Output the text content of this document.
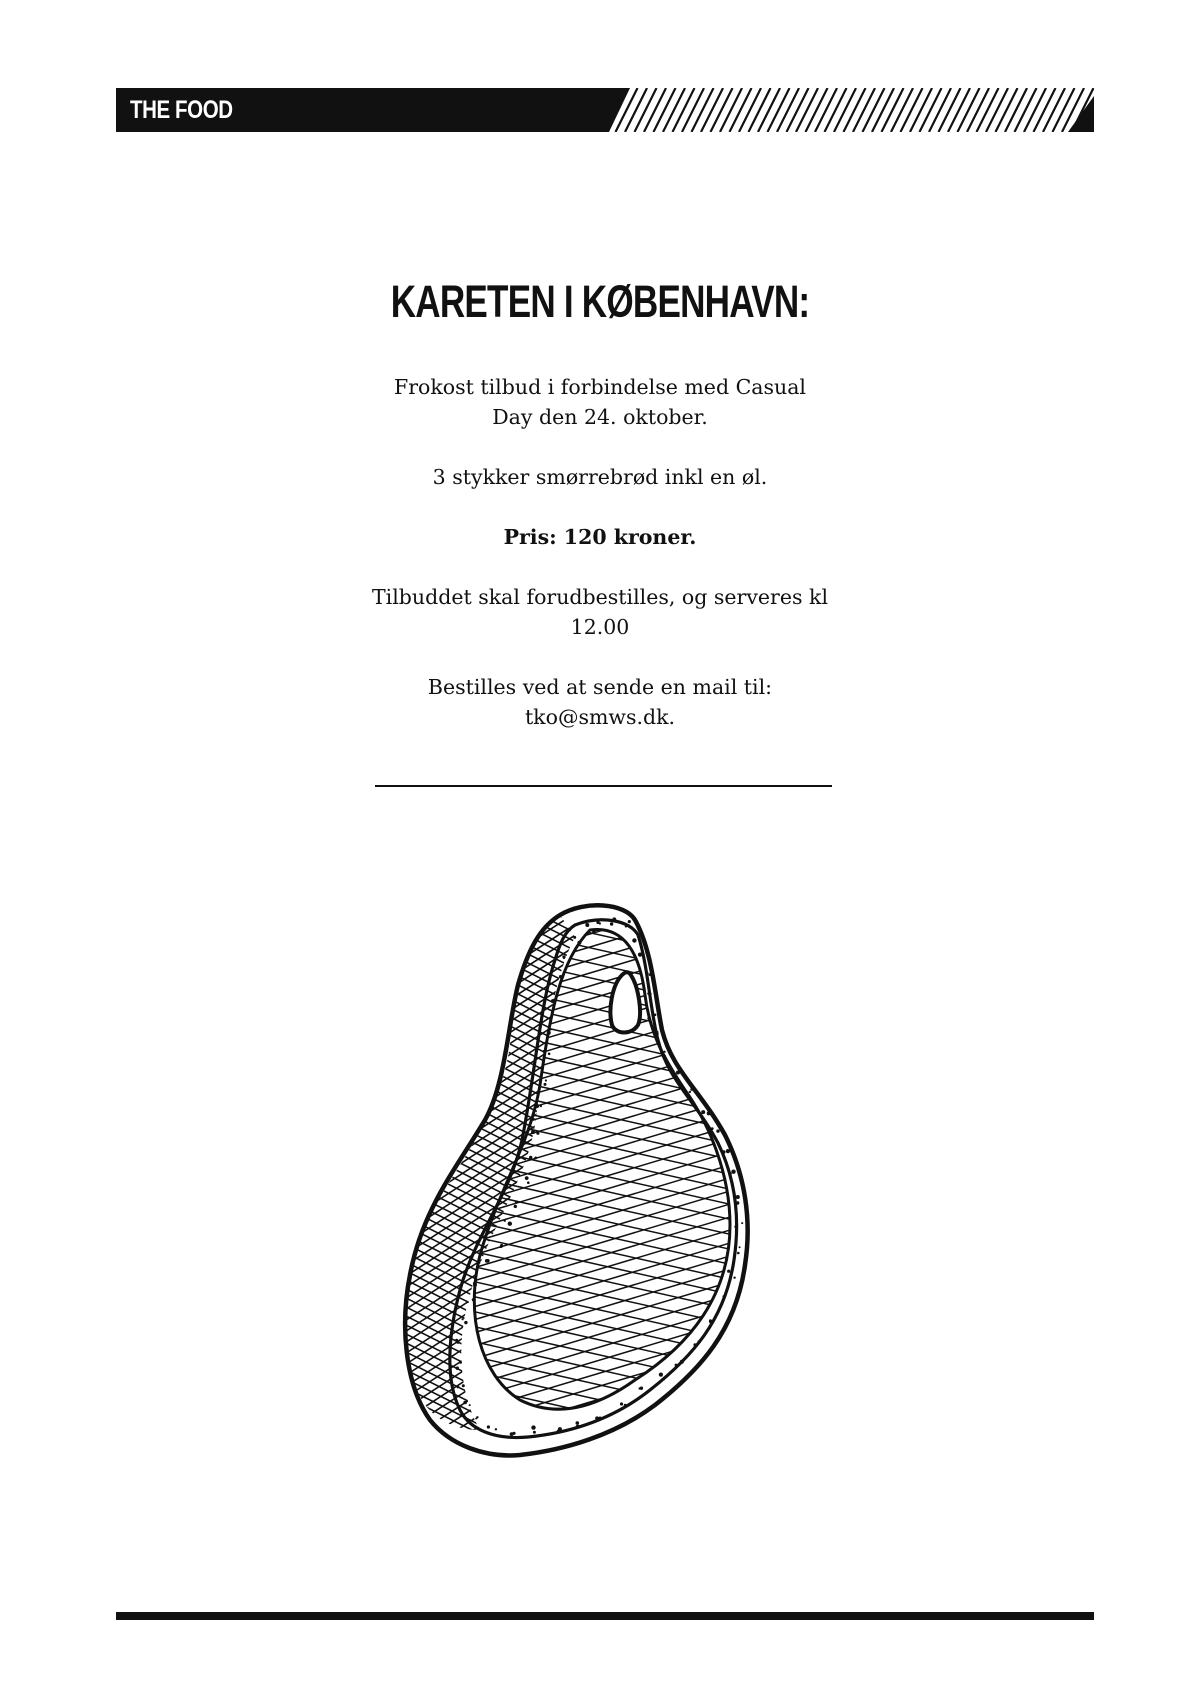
THE FOOD
KARETEN I KØBENHAVN:

Frokost tilbud i forbindelse med Casual
Day den 24. oktober.

3 stykker smørrebrød inkl en øl.

Pris: 120 kroner.

Tilbuddet skal forudbestilles, og serveres kl
12.00

Bestilles ved at sende en mail til:
tko@smws.dk.
